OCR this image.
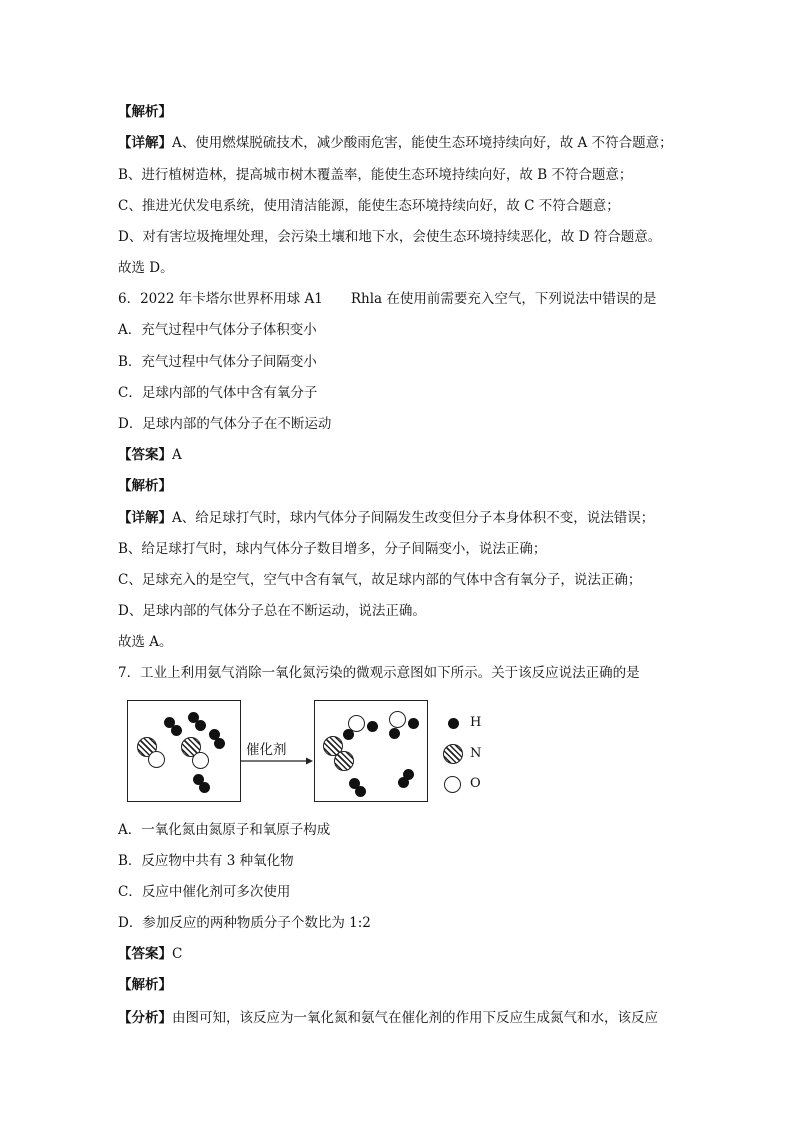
【解析】
【详解】A、使用燃煤脱硫技术，减少酸雨危害，能使生态环境持续向好，故 A 不符合题意；
B、进行植树造林，提高城市树木覆盖率，能使生态环境持续向好，故 B 不符合题意；
C、推进光伏发电系统，使用清洁能源，能使生态环境持续向好，故 C 不符合题意；
D、对有害垃圾掩埋处理，会污染土壤和地下水，会使生态环境持续恶化，故 D 符合题意。
故选 D。
6．2022 年卡塔尔世界杯用球 A1 Rhla 在使用前需要充入空气，下列说法中错误的是
A．充气过程中气体分子体积变小
B．充气过程中气体分子间隔变小
C．足球内部的气体中含有氧分子
D．足球内部的气体分子在不断运动
【答案】A
【解析】
【详解】A、给足球打气时，球内气体分子间隔发生改变但分子本身体积不变，说法错误；
B、给足球打气时，球内气体分子数目增多，分子间隔变小，说法正确；
C、足球充入的是空气，空气中含有氧气，故足球内部的气体中含有氧分子，说法正确；
D、足球内部的气体分子总在不断运动，说法正确。
故选 A。
7．工业上利用氨气消除一氧化氮污染的微观示意图如下所示。关于该反应说法正确的是
催化剂
H
N
O
A．一氧化氮由氮原子和氧原子构成
B．反应物中共有 3 种氧化物
C．反应中催化剂可多次使用
D．参加反应的两种物质分子个数比为 1:2
【答案】C
【解析】
【分析】由图可知，该反应为一氧化氮和氨气在催化剂的作用下反应生成氮气和水，该反应
